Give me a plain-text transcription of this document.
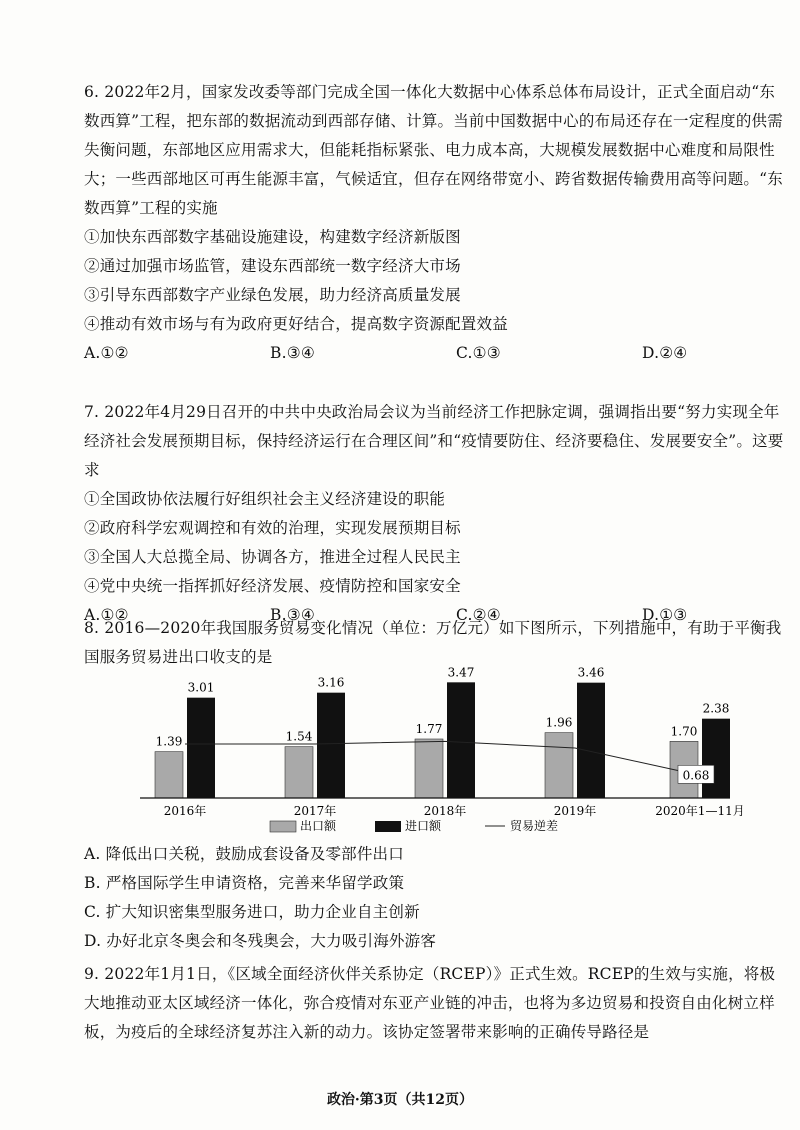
6. 2022年2月，国家发改委等部门完成全国一体化大数据中心体系总体布局设计，正式全面启动“东数西算”工程，把东部的数据流动到西部存储、计算。当前中国数据中心的布局还存在一定程度的供需失衡问题，东部地区应用需求大，但能耗指标紧张、电力成本高，大规模发展数据中心难度和局限性大；一些西部地区可再生能源丰富，气候适宜，但存在网络带宽小、跨省数据传输费用高等问题。“东数西算”工程的实施

①加快东西部数字基础设施建设，构建数字经济新版图

②通过加强市场监管，建设东西部统一数字经济大市场

③引导东西部数字产业绿色发展，助力经济高质量发展

④推动有效市场与有为政府更好结合，提高数字资源配置效益

A.①②	B.③④	C.①③	D.②④

7. 2022年4月29日召开的中共中央政治局会议为当前经济工作把脉定调，强调指出要“努力实现全年经济社会发展预期目标，保持经济运行在合理区间”和“疫情要防住、经济要稳住、发展要安全”。这要求

①全国政协依法履行好组织社会主义经济建设的职能

②政府科学宏观调控和有效的治理，实现发展预期目标

③全国人大总揽全局、协调各方，推进全过程人民民主

④党中央统一指挥抓好经济发展、疫情防控和国家安全

A.①②	B.③④	C.②④	D.①③

8. 2016—2020年我国服务贸易变化情况（单位：万亿元）如下图所示，下列措施中，有助于平衡我国服务贸易进出口收支的是

1.39
3.01
2016年
1.54
3.16
2017年
1.77
3.47
2018年
1.96
3.46
2019年
1.70
2.38
2020年1—11月
0.68
出口额	进口额	贸易逆差

A. 降低出口关税，鼓励成套设备及零部件出口

B. 严格国际学生申请资格，完善来华留学政策

C. 扩大知识密集型服务进口，助力企业自主创新

D. 办好北京冬奥会和冬残奥会，大力吸引海外游客

9. 2022年1月1日，《区域全面经济伙伴关系协定（RCEP）》正式生效。RCEP的生效与实施，将极大地推动亚太区域经济一体化，弥合疫情对东亚产业链的冲击，也将为多边贸易和投资自由化树立样板，为疫后的全球经济复苏注入新的动力。该协定签署带来影响的正确传导路径是

政治·第3页（共12页）
